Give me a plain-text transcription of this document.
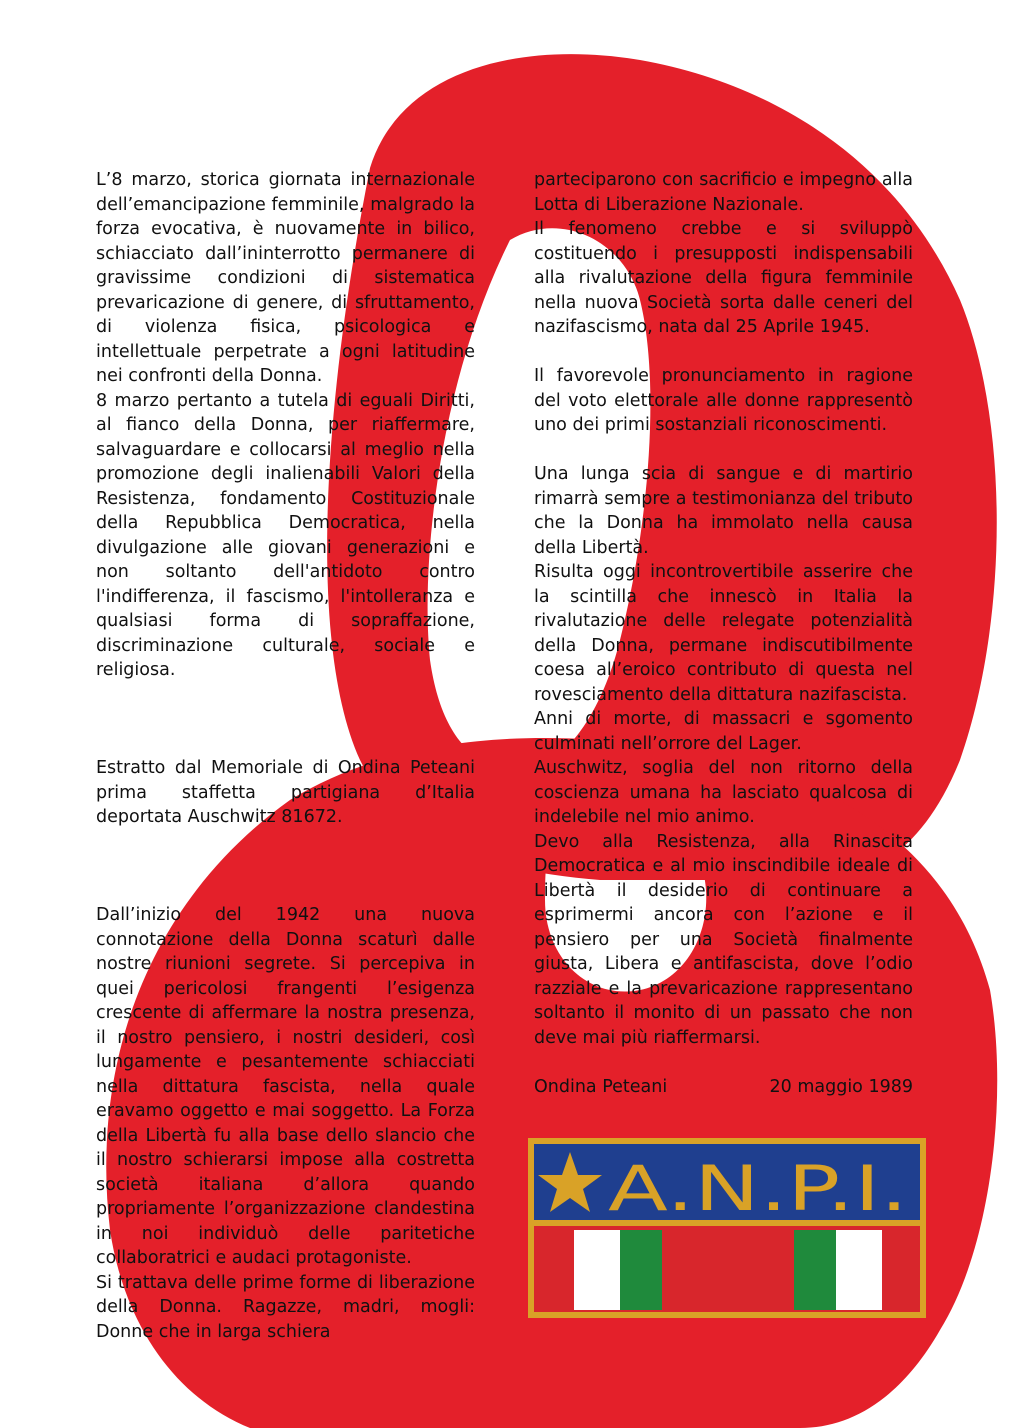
L’8 marzo, storica giornata internazionale dell’emancipazione femminile, malgrado la forza evocativa, è nuovamente in bilico, schiacciato dall’ininterrotto permanere di gravissime condizioni di sistematica prevaricazione di genere, di sfruttamento, di violenza fisica, psicologica e intellettuale perpetrate a ogni latitudine nei confronti della Donna.

8 marzo pertanto a tutela di eguali Diritti, al fianco della Donna, per riaffermare, salvaguardare e collocarsi al meglio nella promozione degli inalienabili Valori della Resistenza, fondamento Costituzionale della Repubblica Democratica, nella divulgazione alle giovani generazioni e non soltanto dell'antidoto contro l'indifferenza, il fascismo, l'intolleranza e qualsiasi forma di sopraffazione, discriminazione culturale, sociale e religiosa.

Estratto dal Memoriale di Ondina Peteani prima staffetta partigiana d’Italia deportata Auschwitz 81672.

Dall’inizio del 1942 una nuova connotazione della Donna scaturì dalle nostre riunioni segrete. Si percepiva in quei pericolosi frangenti l’esigenza crescente di affermare la nostra presenza, il nostro pensiero, i nostri desideri, così lungamente e pesantemente schiacciati nella dittatura fascista, nella quale eravamo oggetto e mai soggetto. La Forza della Libertà fu alla base dello slancio che il nostro schierarsi impose alla costretta società italiana d’allora quando propriamente l’organizzazione clandestina in noi individuò delle paritetiche collaboratrici e audaci protagoniste.

Si trattava delle prime forme di liberazione della Donna. Ragazze, madri, mogli: Donne che in larga schiera

parteciparono con sacrificio e impegno alla Lotta di Liberazione Nazionale.

Il fenomeno crebbe e si sviluppò costituendo i presupposti indispensabili alla rivalutazione della figura femminile nella nuova Società sorta dalle ceneri del nazifascismo, nata dal 25 Aprile 1945.

Il favorevole pronunciamento in ragione del voto elettorale alle donne rappresentò uno dei primi sostanziali riconoscimenti.

Una lunga scia di sangue e di martirio rimarrà sempre a testimonianza del tributo che la Donna ha immolato nella causa della Libertà.

Risulta oggi incontrovertibile asserire che la scintilla che innescò in Italia la rivalutazione delle relegate potenzialità della Donna, permane indiscutibilmente coesa all’eroico contributo di questa nel rovesciamento della dittatura nazifascista.

Anni di morte, di massacri e sgomento culminati nell’orrore del Lager.

Auschwitz, soglia del non ritorno della coscienza umana ha lasciato qualcosa di indelebile nel mio animo.

Devo alla Resistenza, alla Rinascita Democratica e al mio inscindibile ideale di Libertà il desiderio di continuare a esprimermi ancora con l’azione e il pensiero per una Società finalmente giusta, Libera e antifascista, dove l’odio razziale e la prevaricazione rappresentano soltanto il monito di un passato che non deve mai più riaffermarsi.

Ondina Peteani	20 maggio 1989
A.N.P.I.
